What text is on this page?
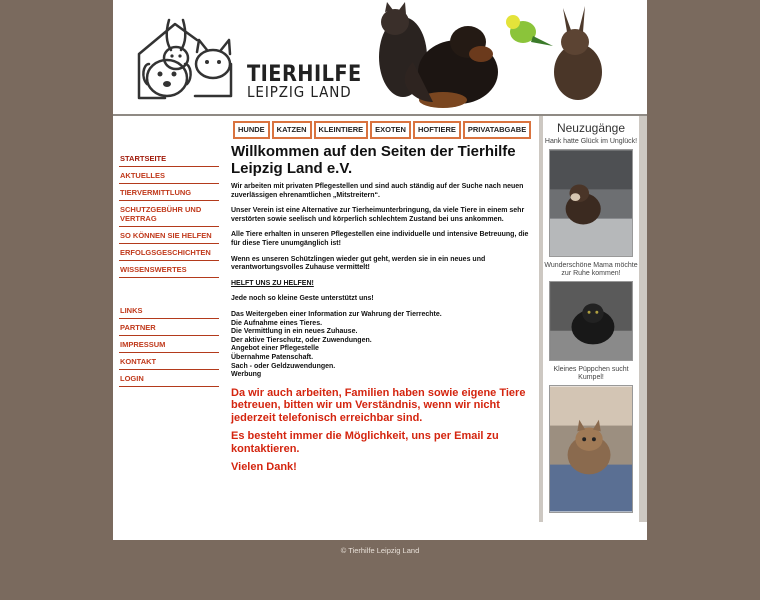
TIERHILFE
LEIPZIG LAND
HUNDE	KATZEN	KLEINTIERE	EXOTEN	HOFTIERE	PRIVATABGABE
STARTSEITE
AKTUELLES
TIERVERMITTLUNG
SCHUTZGEBÜHR UND VERTRAG
SO KÖNNEN SIE HELFEN
ERFOLGSGESCHICHTEN
WISSENSWERTES
LINKS
PARTNER
IMPRESSUM
KONTAKT
LOGIN
Willkommen auf den Seiten der Tierhilfe Leipzig Land e.V.

Wir arbeiten mit privaten Pflegestellen und sind auch ständig auf der Suche nach neuen zuverlässigen ehrenamtlichen „Mitstreitern“.

Unser Verein ist eine Alternative zur Tierheimunterbringung, da viele Tiere in einem sehr verstörten sowie seelisch und körperlich schlechtem Zustand bei uns ankommen.

Alle Tiere erhalten in unseren Pflegestellen eine individuelle und intensive Betreuung, die für diese Tiere unumgänglich ist!

Wenn es unseren Schützlingen wieder gut geht, werden sie in ein neues und verantwortungsvolles Zuhause vermittelt!

HELFT UNS ZU HELFEN!

Jede noch so kleine Geste unterstützt uns!

Das Weitergeben einer Information zur Wahrung der Tierrechte.
Die Aufnahme eines Tieres.
Die Vermittlung in ein neues Zuhause.
Der aktive Tierschutz, oder Zuwendungen.
Angebot einer Pflegestelle
Übernahme Patenschaft.
Sach - oder Geldzuwendungen.
Werbung

Da wir auch arbeiten, Familien haben sowie eigene Tiere betreuen, bitten wir um Verständnis, wenn wir nicht jederzeit telefonisch erreichbar sind.

Es besteht immer die Möglichkeit, uns per Email zu kontaktieren.

Vielen Dank!

Neuzugänge
Hank hatte Glück im Unglück!
Wunderschöne Mama möchte zur Ruhe kommen!
Kleines Püppchen sucht Kumpel!
© Tierhilfe Leipzig Land
